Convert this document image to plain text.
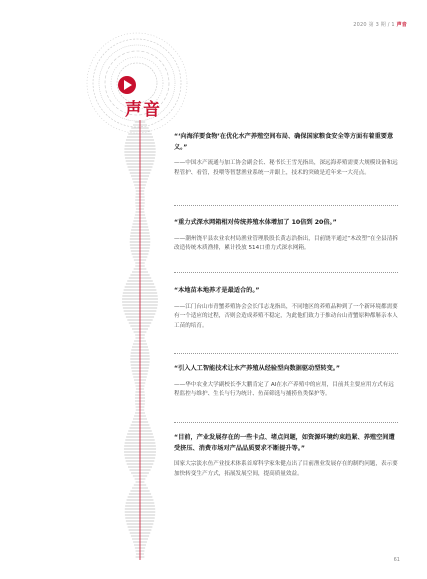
2020 第 3 期 / 1 声音
声音

“‘向海洋要食物’在优化水产养殖空间布局、确保国家粮食安全等方面有着重要意义。”

——中国水产流通与加工协会副会长、秘书长王雪光指出，深远海养殖需要大规模设备和远程管护、看管，投喂等智慧渔业系统一并跟上，技术的突破是近年来一大亮点。

“重力式深水网箱相对传统养殖水体增加了 10倍到 20倍。”

——潮州饶平县农业农村局渔业管理股股长黄志浩指出，目前饶平通过“木改塑”在全县清拆改造传统木质渔排，累计投放 514口重力式深水网箱。

“本地苗本地养才是最适合的。”

——江门台山市青蟹养殖协会会长邝志龙指出，不同地区的养殖品种到了一个新环境都需要有一个适应的过程，否则会造成养殖不稳定，为此他们致力于推动台山青蟹原种都斛亲本人工苗的培育。

“引入人工智能技术让水产养殖从经验型向数据驱动型转变。”

——华中农业大学副校长李大鹏肯定了 AI在水产养殖中的应用，目前其主要应用方式有远程监控与维护、生长与行为统计、鱼苗筛选与捕捞鱼类保护等。

“目前，产业发展存在的一些卡点、堵点问题，如资源环境约束趋紧、养殖空间遭受挤压、消费市场对产品品质要求不断提升等。”

国家大宗淡水鱼产业技术体系首席科学家朱健点出了目前渔业发展存在的制约问题，表示要加快转变生产方式，拓展发展空间，提高质量效益。

61
